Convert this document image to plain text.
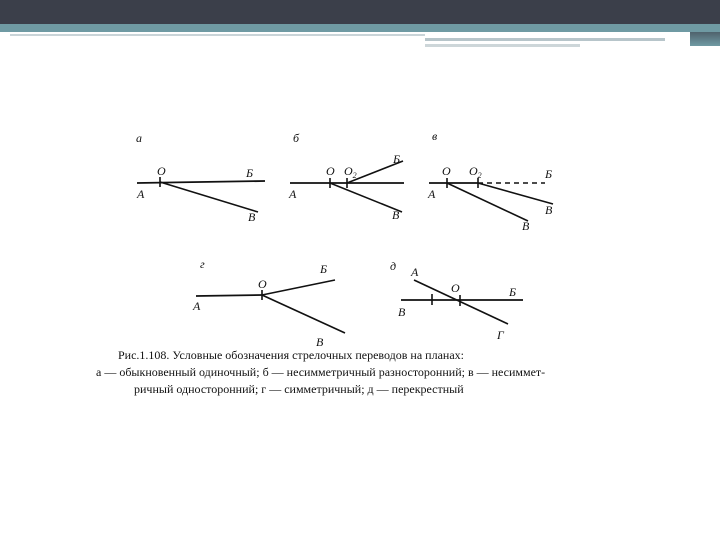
а
О	Б
А
В
б
О $О_2$
Б
А
В
в
О $О_2$	Б
А
В
В
г
О
Б
А
В
д А
О	Б
В
Г
Рис.1.108. Условные обозначения стрелочных переводов на планах:
а — обыкновенный одиночный; б — несимметричный разносторонний; в — несиммет-
ричный односторонний; г — симметричный; д — перекрестный
